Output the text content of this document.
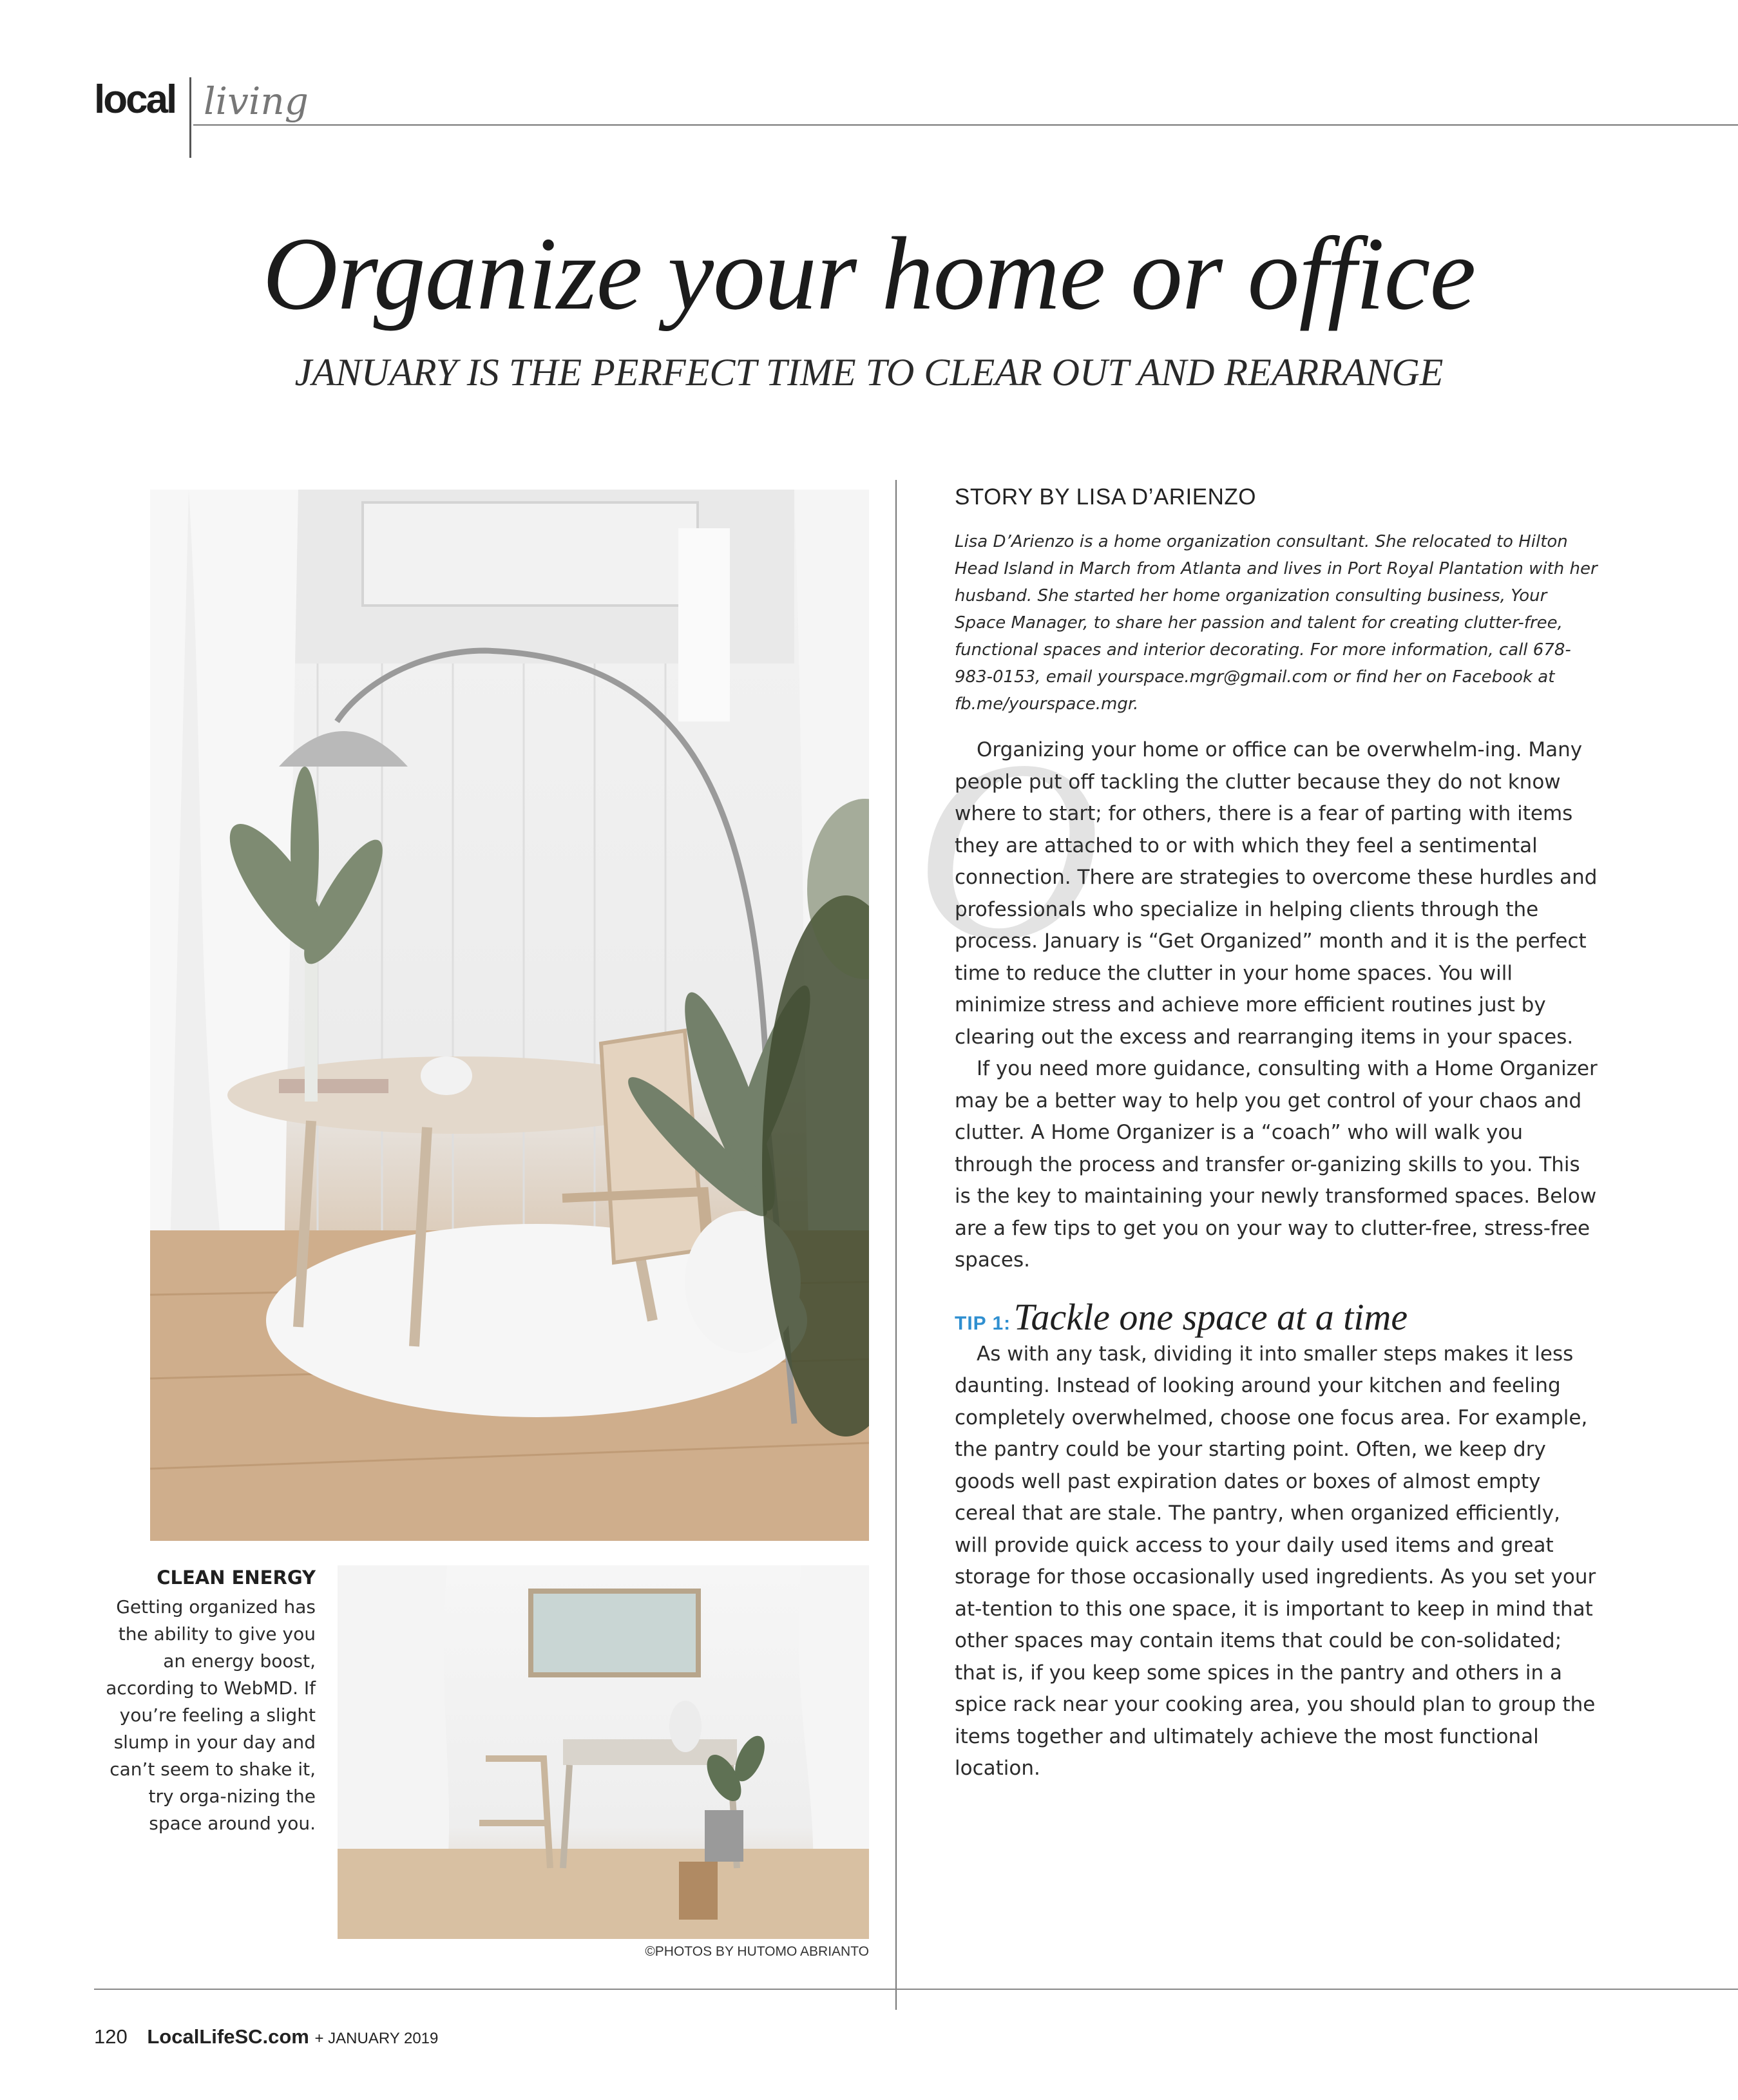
local living
Organize your home or office
JANUARY IS THE PERFECT TIME TO CLEAR OUT AND REARRANGE
CLEAN ENERGY
Getting organized has the ability to give you an energy boost, according to WebMD. If you’re feeling a slight slump in your day and can’t seem to shake it, try orga-nizing the space around you.
©PHOTOS BY HUTOMO ABRIANTO
O

STORY BY LISA D’ARIENZO

Lisa D’Arienzo is a home organization consultant. She relocated to Hilton Head Island in March from Atlanta and lives in Port Royal Plantation with her husband. She started her home organization consulting business, Your Space Manager, to share her passion and talent for creating clutter-free, functional spaces and interior decorating. For more information, call 678-983-0153, email yourspace.mgr@gmail.com or find her on Facebook at fb.me/yourspace.mgr.

Organizing your home or office can be overwhelm-ing. Many people put off tackling the clutter because they do not know where to start; for others, there is a fear of parting with items they are attached to or with which they feel a sentimental connection. There are strategies to overcome these hurdles and professionals who specialize in helping clients through the process. January is “Get Organized” month and it is the perfect time to reduce the clutter in your home spaces. You will minimize stress and achieve more efficient routines just by clearing out the excess and rearranging items in your spaces.

If you need more guidance, consulting with a Home Organizer may be a better way to help you get control of your chaos and clutter. A Home Organizer is a “coach” who will walk you through the process and transfer or-ganizing skills to you. This is the key to maintaining your newly transformed spaces. Below are a few tips to get you on your way to clutter-free, stress-free spaces.

TIP 1: Tackle one space at a time

As with any task, dividing it into smaller steps makes it less daunting. Instead of looking around your kitchen and feeling completely overwhelmed, choose one focus area. For example, the pantry could be your starting point. Often, we keep dry goods well past expiration dates or boxes of almost empty cereal that are stale. The pantry, when organized efficiently, will provide quick access to your daily used items and great storage for those occasionally used ingredients. As you set your at-tention to this one space, it is important to keep in mind that other spaces may contain items that could be con-solidated; that is, if you keep some spices in the pantry and others in a spice rack near your cooking area, you should plan to group the items together and ultimately achieve the most functional location.

120 LocalLifeSC.com + JANUARY 2019
